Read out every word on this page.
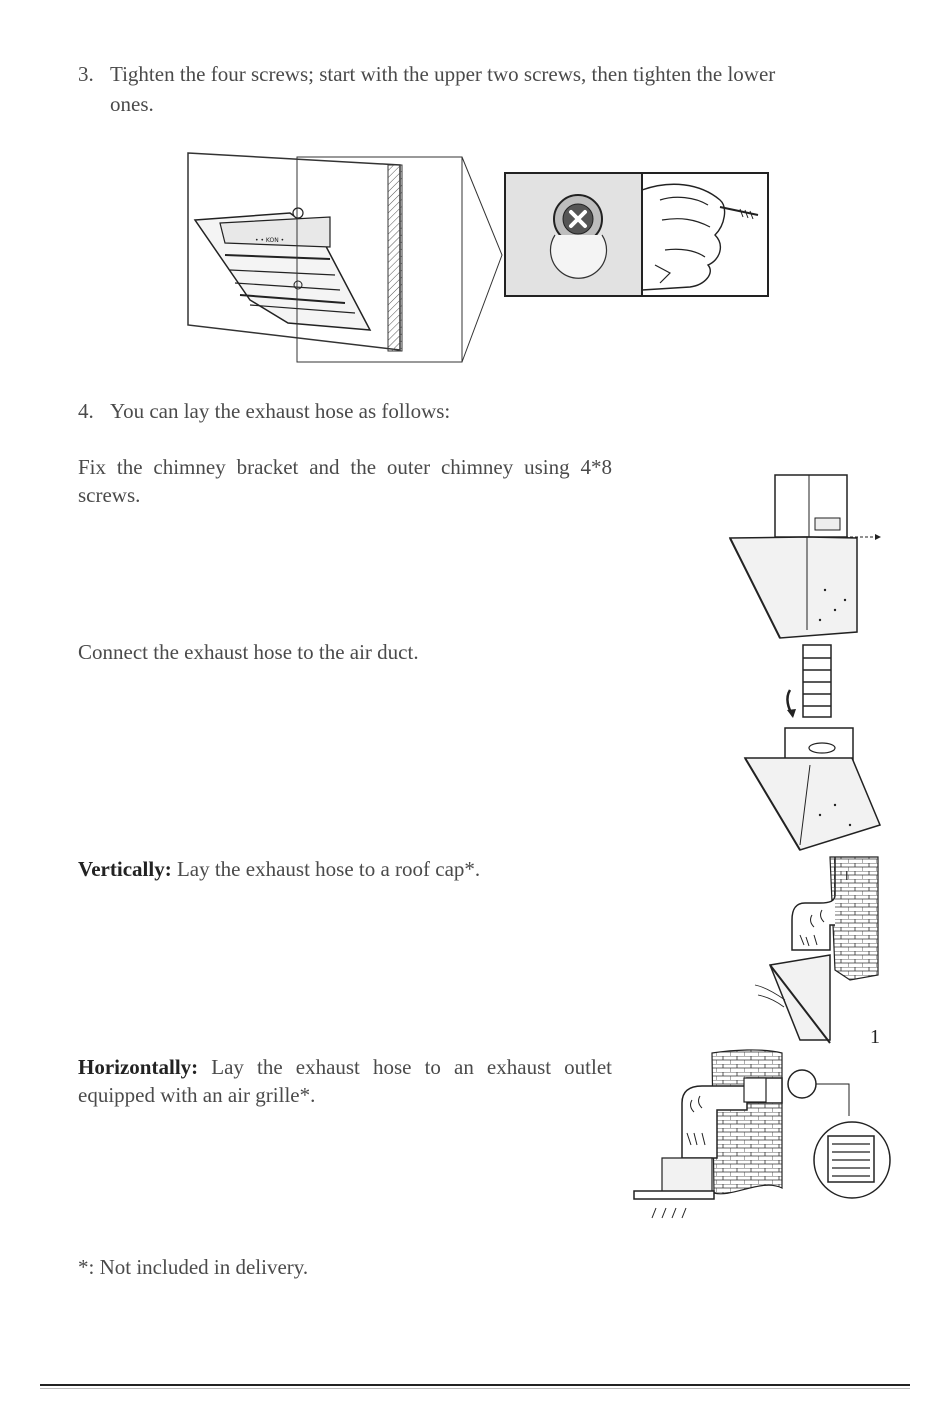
3. Tighten the four screws; start with the upper two screws, then tighten the lower
ones.
• • KON •
4. You can lay the exhaust hose as follows:
Fix the chimney bracket and the outer chimney using 4*8 screws.
Connect the exhaust hose to the air duct.
Vertically: Lay the exhaust hose to a roof cap*.	I
1
Horizontally: Lay the exhaust hose to an exhaust outlet equipped with an air grille*.
*: Not included in delivery.
